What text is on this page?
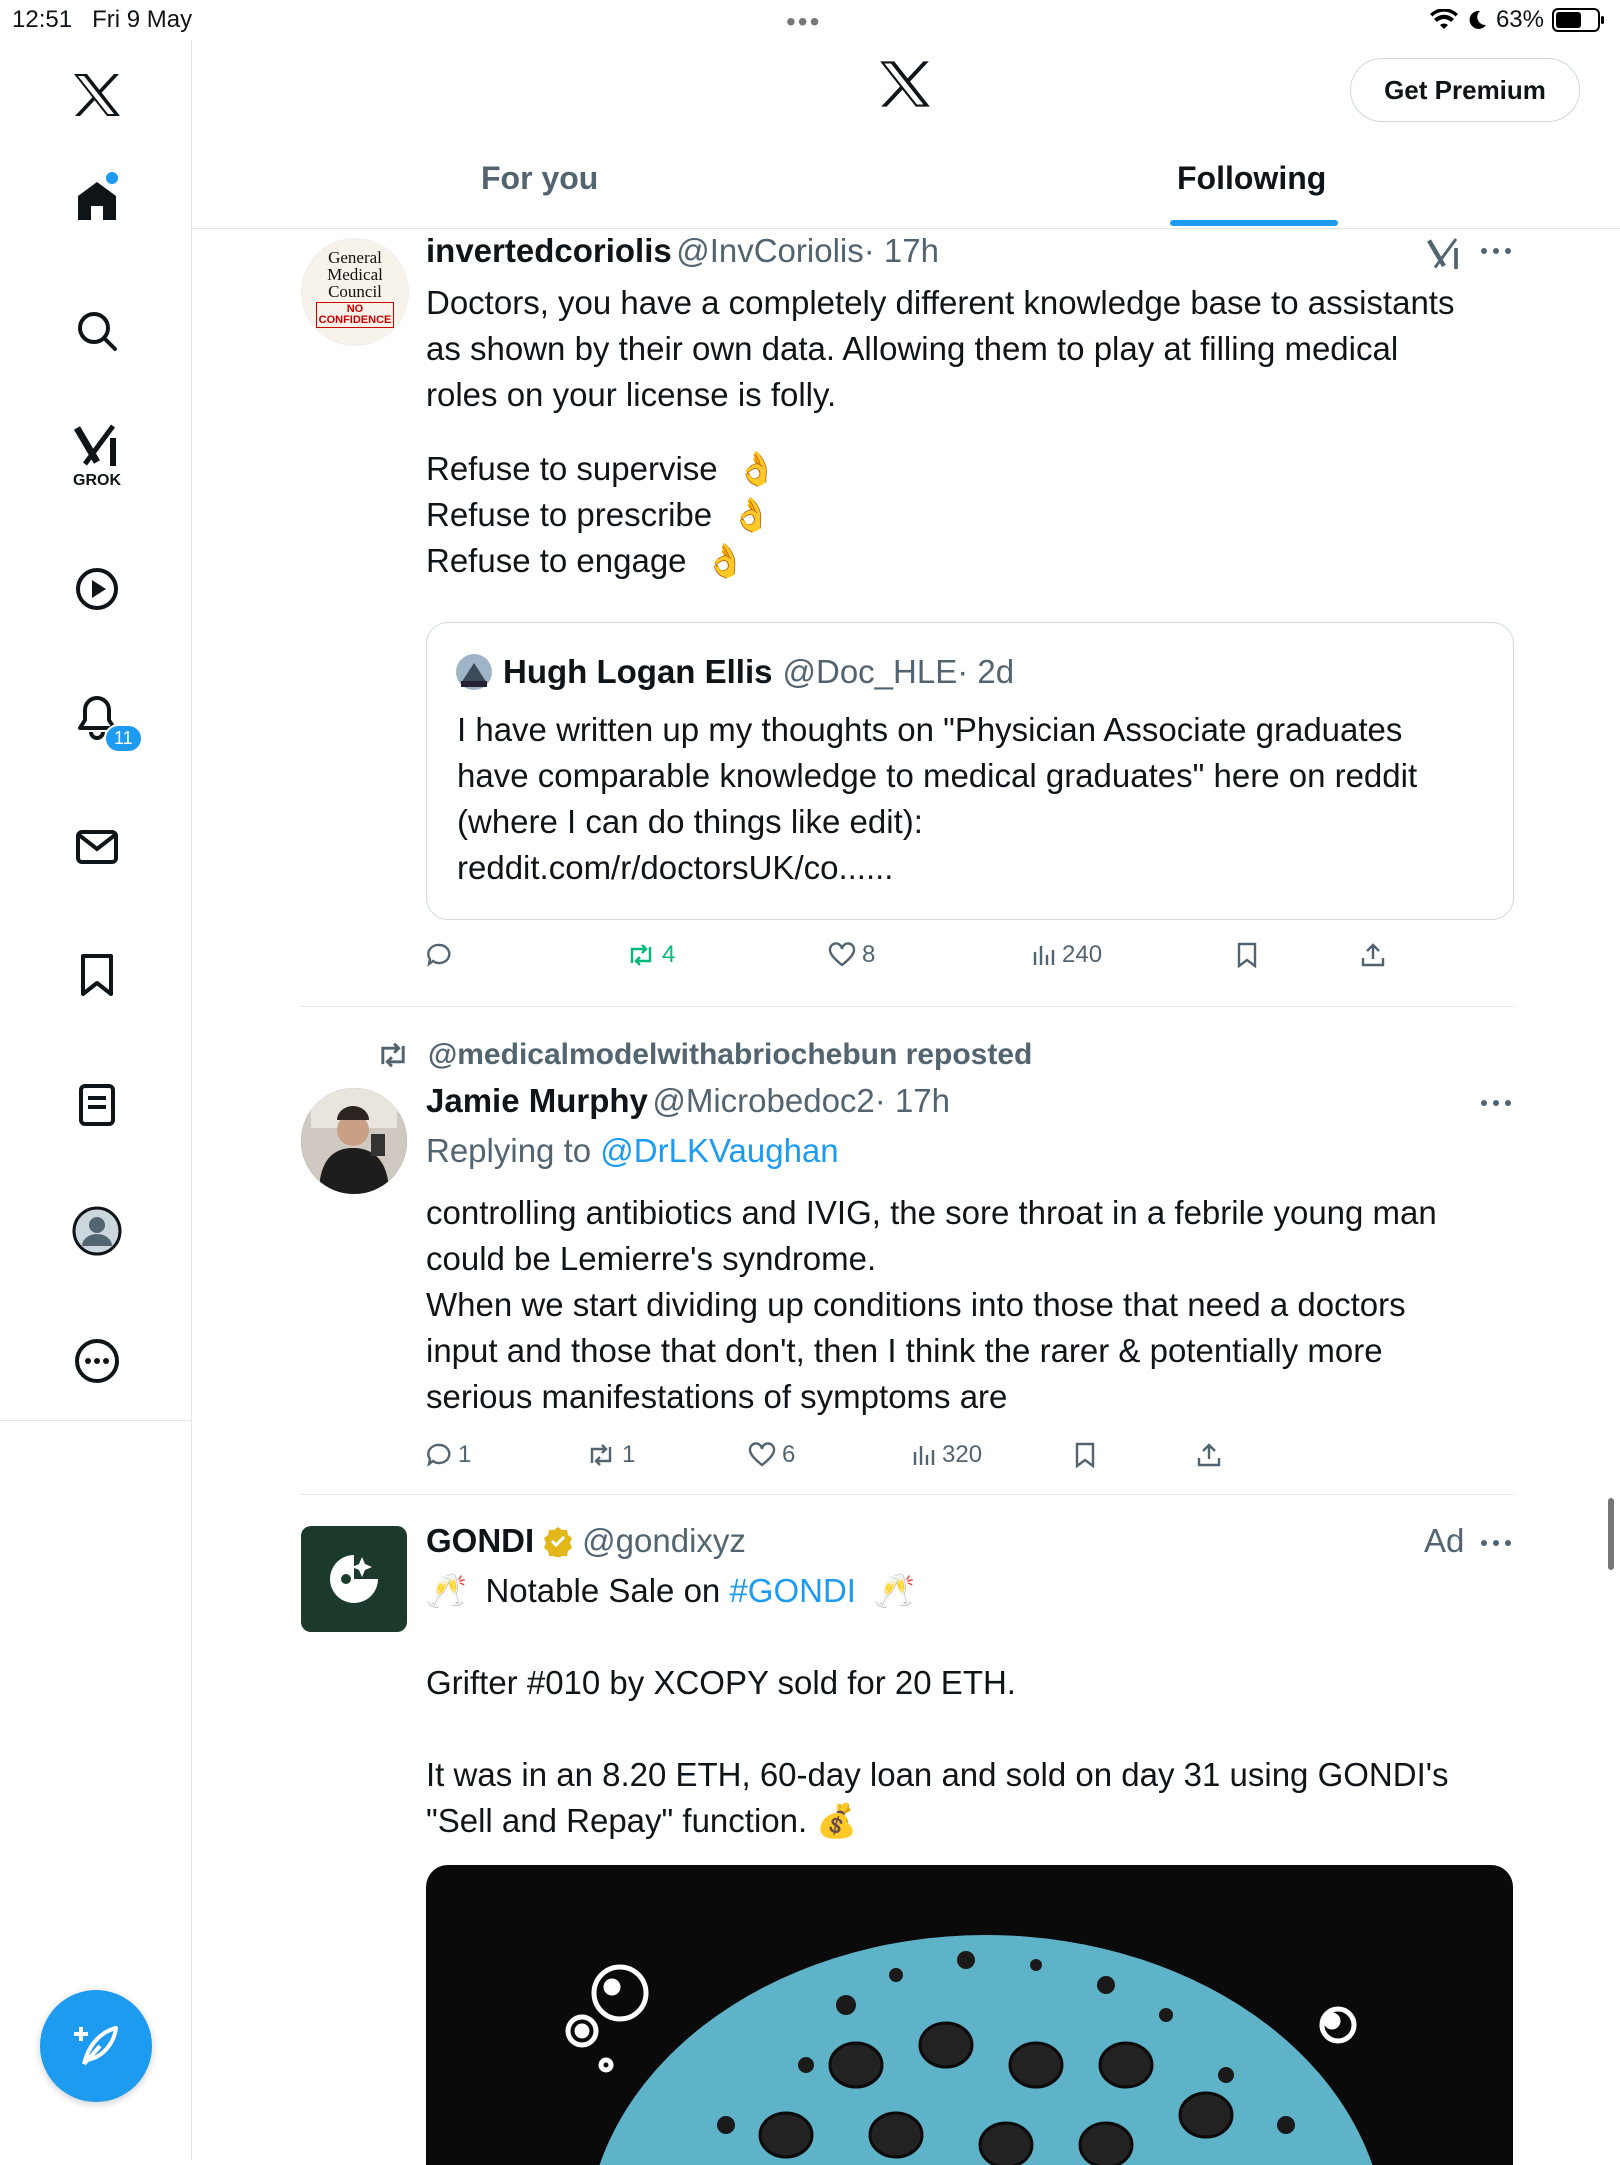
12:51 Fri 9 May	•••	63%
GROK
11
Get Premium
For you	Following
General
Medical
Council
NO
CONFIDENCE
invertedcoriolis @InvCoriolis· 17h
Doctors, you have a completely different knowledge base to assistants
as shown by their own data. Allowing them to play at filling medical
roles on your license is folly.
Refuse to supervise 👌
Refuse to prescribe 👌
Refuse to engage 👌
Hugh Logan Ellis @Doc_HLE· 2d
I have written up my thoughts on "Physician Associate graduates
have comparable knowledge to medical graduates" here on reddit
(where I can do things like edit):
reddit.com/r/doctorsUK/co......
4	8	240
@medicalmodelwithabriochebun reposted
Jamie Murphy @Microbedoc2· 17h
Replying to @DrLKVaughan
controlling antibiotics and IVIG, the sore throat in a febrile young man
could be Lemierre's syndrome.
When we start dividing up conditions into those that need a doctors
input and those that don't, then I think the rarer & potentially more
serious manifestations of symptoms are
1	1	6	320
GONDI @gondixyz	Ad
🥂 Notable Sale on #GONDI 🥂
Grifter #010 by XCOPY sold for 20 ETH.
It was in an 8.20 ETH, 60-day loan and sold on day 31 using GONDI's
"Sell and Repay" function. 💰
